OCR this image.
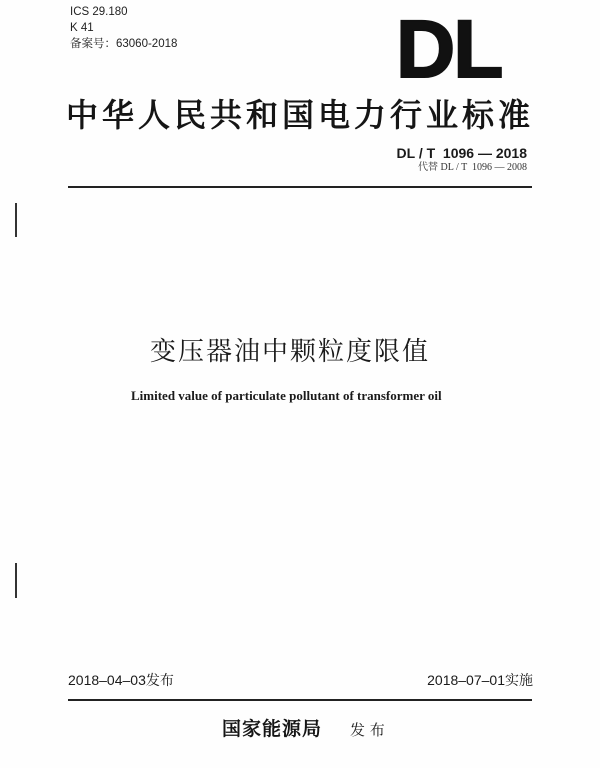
ICS 29.180
K 41
备案号：63060-2018	DL
中华人民共和国电力行业标准
DL / T  1096 — 2018
代替 DL / T  1096 — 2008
变压器油中颗粒度限值
Limited value of particulate pollutant of transformer oil
2018–04–03发布	2018–07–01实施
国家能源局 发 布
